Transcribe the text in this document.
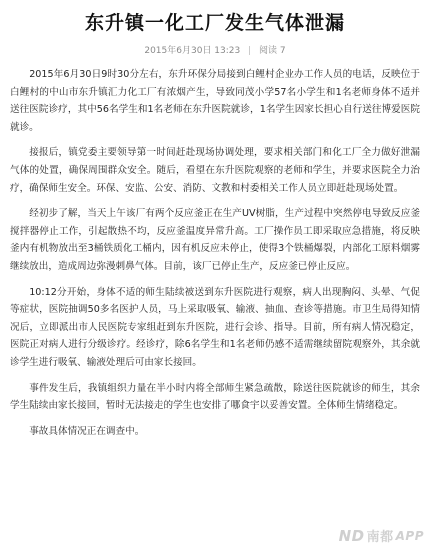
东升镇一化工厂发生气体泄漏
2015年6月30日 13:23 | 阅读 7

2015年6月30日9时30分左右，东升环保分局接到白鲤村企业办工作人员的电话，反映位于白鲤村的中山市东升镇汇力化工厂有浓烟产生，导致同茂小学57名小学生和1名老师身体不适并送往医院诊疗，其中56名学生和1名老师在东升医院就诊，1名学生因家长担心自行送往博爱医院就诊。

接报后，镇党委主要领导第一时间赶赴现场协调处理，要求相关部门和化工厂全力做好泄漏气体的处置，确保周围群众安全。随后，看望在东升医院观察的老师和学生，并要求医院全力治疗，确保师生安全。环保、安监、公安、消防、文教和村委相关工作人员立即赶赴现场处置。

经初步了解，当天上午该厂有两个反应釜正在生产UV树脂，生产过程中突然停电导致反应釜搅拌器停止工作，引起散热不均，反应釜温度异常升高。工厂操作员工即采取应急措施，将反映釜内有机物放出至3桶铁质化工桶内，因有机反应未停止，使得3个铁桶爆裂，内部化工原料烟雾继续放出，造成周边弥漫刺鼻气体。目前，该厂已停止生产，反应釜已停止反应。

10:12分开始，身体不适的师生陆续被送到东升医院进行观察，病人出现胸闷、头晕、气促等症状，医院抽调50多名医护人员，马上采取吸氧、输液、抽血、查诊等措施。市卫生局得知情况后，立即派出市人民医院专家组赶到东升医院，进行会诊、指导。目前，所有病人情况稳定，医院正对病人进行分级诊疗。经诊疗，除6名学生和1名老师仍感不适需继续留院观察外，其余就诊学生进行吸氧、输液处理后可由家长接回。

事件发生后，我镇组织力量在半小时内将全部师生紧急疏散，除送往医院就诊的师生，其余学生陆续由家长接回，暂时无法接走的学生也安排了哪食宇以妥善安置。全体师生情绪稳定。

事故具体情况正在调查中。

ND 南都 APP
